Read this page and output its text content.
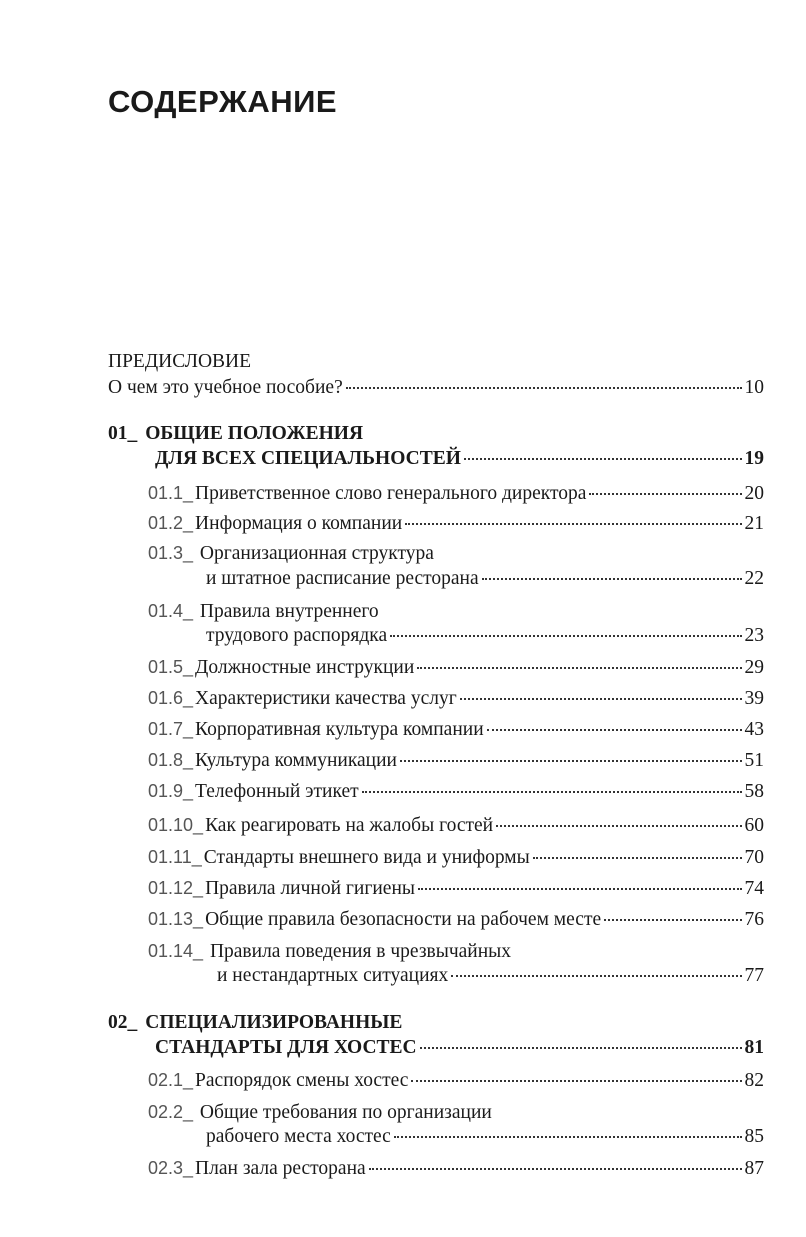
СОДЕРЖАНИЕ
ПРЕДИСЛОВИЕ
О чем это учебное пособие?	10
01_ ОБЩИЕ ПОЛОЖЕНИЯ
ДЛЯ ВСЕХ СПЕЦИАЛЬНОСТЕЙ	19
01.1_ Приветственное слово генерального директора	20
01.2_ Информация о компании	21
01.3_ Организационная структура
и штатное расписание ресторана	22
01.4_ Правила внутреннего
трудового распорядка	23
01.5_ Должностные инструкции	29
01.6_ Характеристики качества услуг	39
01.7_ Корпоративная культура компании	43
01.8_ Культура коммуникации	51
01.9_ Телефонный этикет	58
01.10_ Как реагировать на жалобы гостей	60
01.11_ Стандарты внешнего вида и униформы	70
01.12_ Правила личной гигиены	74
01.13_ Общие правила безопасности на рабочем месте	76
01.14_ Правила поведения в чрезвычайных
и нестандартных ситуациях	77
02_ СПЕЦИАЛИЗИРОВАННЫЕ
СТАНДАРТЫ ДЛЯ ХОСТЕС	81
02.1_ Распорядок смены хостес	82
02.2_ Общие требования по организации
рабочего места хостес	85
02.3_ План зала ресторана	87
